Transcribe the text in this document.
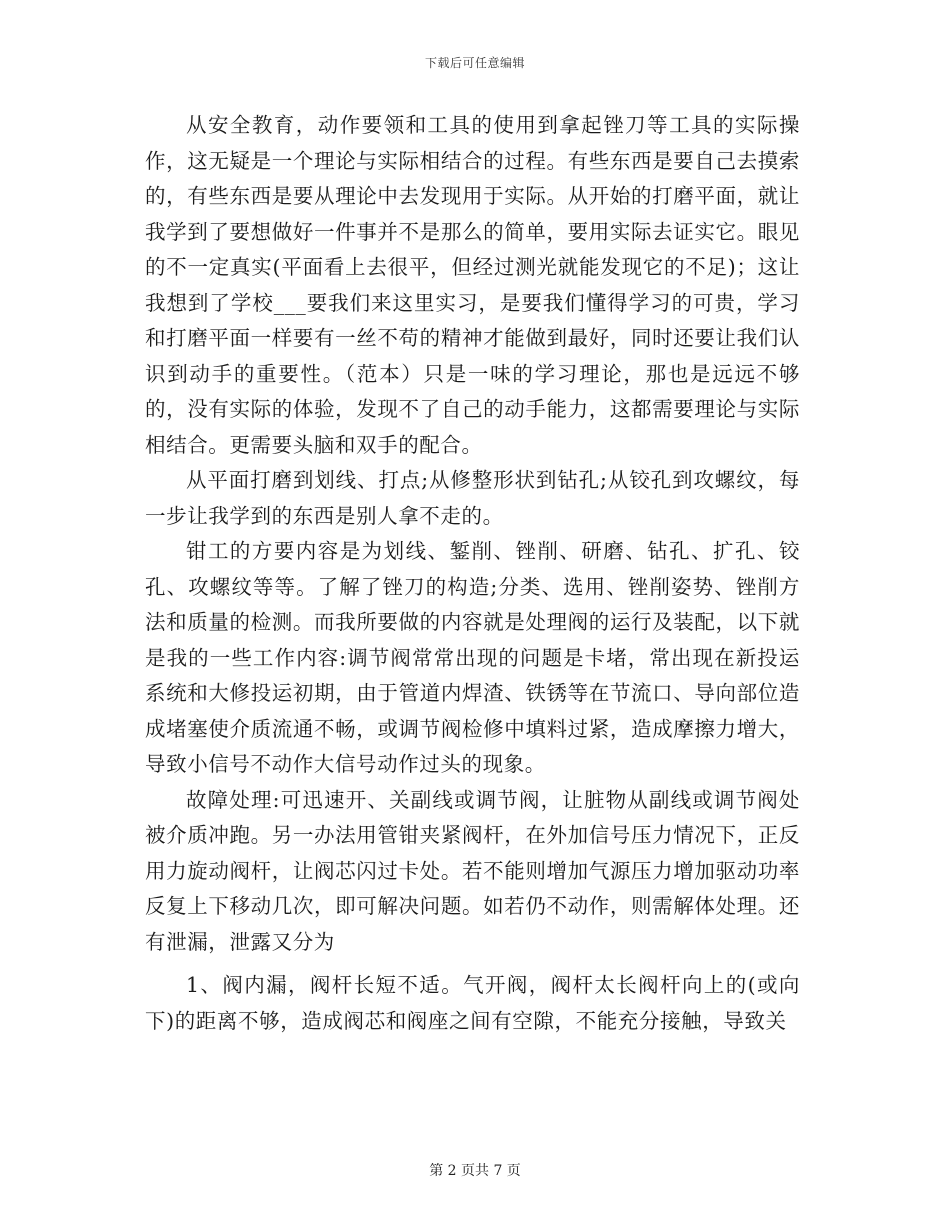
下载后可任意编辑

从安全教育，动作要领和工具的使用到拿起锉刀等工具的实际操作，这无疑是一个理论与实际相结合的过程。有些东西是要自己去摸索的，有些东西是要从理论中去发现用于实际。从开始的打磨平面，就让我学到了要想做好一件事并不是那么的简单，要用实际去证实它。眼见的不一定真实(平面看上去很平，但经过测光就能发现它的不足)；这让我想到了学校___要我们来这里实习，是要我们懂得学习的可贵，学习和打磨平面一样要有一丝不苟的精神才能做到最好，同时还要让我们认识到动手的重要性。（范本）只是一味的学习理论，那也是远远不够的，没有实际的体验，发现不了自己的动手能力，这都需要理论与实际相结合。更需要头脑和双手的配合。

从平面打磨到划线、打点;从修整形状到钻孔;从铰孔到攻螺纹，每一步让我学到的东西是别人拿不走的。

钳工的方要内容是为划线、錾削、锉削、研磨、钻孔、扩孔、铰孔、攻螺纹等等。了解了锉刀的构造;分类、选用、锉削姿势、锉削方法和质量的检测。而我所要做的内容就是处理阀的运行及装配，以下就是我的一些工作内容:调节阀常常出现的问题是卡堵，常出现在新投运系统和大修投运初期，由于管道内焊渣、铁锈等在节流口、导向部位造成堵塞使介质流通不畅，或调节阀检修中填料过紧，造成摩擦力增大，导致小信号不动作大信号动作过头的现象。

故障处理:可迅速开、关副线或调节阀，让脏物从副线或调节阀处被介质冲跑。另一办法用管钳夹紧阀杆，在外加信号压力情况下，正反用力旋动阀杆，让阀芯闪过卡处。若不能则增加气源压力增加驱动功率反复上下移动几次，即可解决问题。如若仍不动作，则需解体处理。还有泄漏，泄露又分为

1、阀内漏，阀杆长短不适。气开阀，阀杆太长阀杆向上的(或向下)的距离不够，造成阀芯和阀座之间有空隙，不能充分接触，导致关

第 2 页共 7 页
